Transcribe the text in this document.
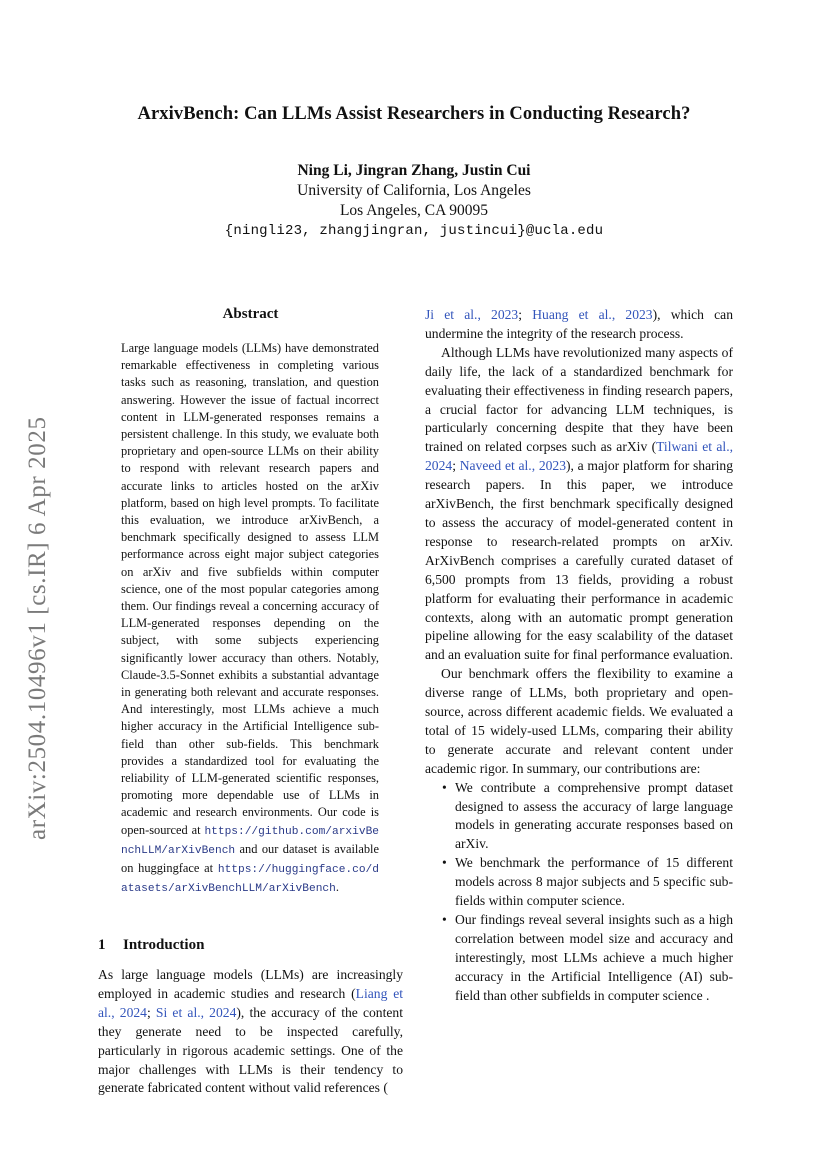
ArxivBench: Can LLMs Assist Researchers in Conducting Research?
Ning Li, Jingran Zhang, Justin Cui
University of California, Los Angeles
Los Angeles, CA 90095
{ningli23, zhangjingran, justincui}@ucla.edu
arXiv:2504.10496v1 [cs.IR] 6 Apr 2025
Abstract
Large language models (LLMs) have demonstrated remarkable effectiveness in completing various tasks such as reasoning, translation, and question answering. However the issue of factual incorrect content in LLM-generated responses remains a persistent challenge. In this study, we evaluate both proprietary and open-source LLMs on their ability to respond with relevant research papers and accurate links to articles hosted on the arXiv platform, based on high level prompts. To facilitate this evaluation, we introduce arXivBench, a benchmark specifically designed to assess LLM performance across eight major subject categories on arXiv and five subfields within computer science, one of the most popular categories among them. Our findings reveal a concerning accuracy of LLM-generated responses depending on the subject, with some subjects experiencing significantly lower accuracy than others. Notably, Claude-3.5-Sonnet exhibits a substantial advantage in generating both relevant and accurate responses. And interestingly, most LLMs achieve a much higher accuracy in the Artificial Intelligence sub-field than other sub-fields. This benchmark provides a standardized tool for evaluating the reliability of LLM-generated scientific responses, promoting more dependable use of LLMs in academic and research environments. Our code is open-sourced at https://github.com/arxivBenchLLM/arXivBench and our dataset is available on huggingface at https://huggingface.co/datasets/arXivBenchLLM/arXivBench.
1 Introduction
As large language models (LLMs) are increasingly employed in academic studies and research (Liang et al., 2024; Si et al., 2024), the accuracy of the content they generate need to be inspected carefully, particularly in rigorous academic settings. One of the major challenges with LLMs is their tendency to generate fabricated content without valid references (

Ji et al., 2023; Huang et al., 2023), which can undermine the integrity of the research process.

Although LLMs have revolutionized many aspects of daily life, the lack of a standardized benchmark for evaluating their effectiveness in finding research papers, a crucial factor for advancing LLM techniques, is particularly concerning despite that they have been trained on related corpses such as arXiv (Tilwani et al., 2024; Naveed et al., 2023), a major platform for sharing research papers. In this paper, we introduce arXivBench, the first benchmark specifically designed to assess the accuracy of model-generated content in response to research-related prompts on arXiv. ArXivBench comprises a carefully curated dataset of 6,500 prompts from 13 fields, providing a robust platform for evaluating their performance in academic contexts, along with an automatic prompt generation pipeline allowing for the easy scalability of the dataset and an evaluation suite for final performance evaluation.

Our benchmark offers the flexibility to examine a diverse range of LLMs, both proprietary and open-source, across different academic fields. We evaluated a total of 15 widely-used LLMs, comparing their ability to generate accurate and relevant content under academic rigor. In summary, our contributions are:

• We contribute a comprehensive prompt dataset designed to assess the accuracy of large language models in generating accurate responses based on arXiv.
• We benchmark the performance of 15 different models across 8 major subjects and 5 specific sub-fields within computer science.
• Our findings reveal several insights such as a high correlation between model size and accuracy and interestingly, most LLMs achieve a much higher accuracy in the Artificial Intelligence (AI) sub-field than other subfields in computer science .
